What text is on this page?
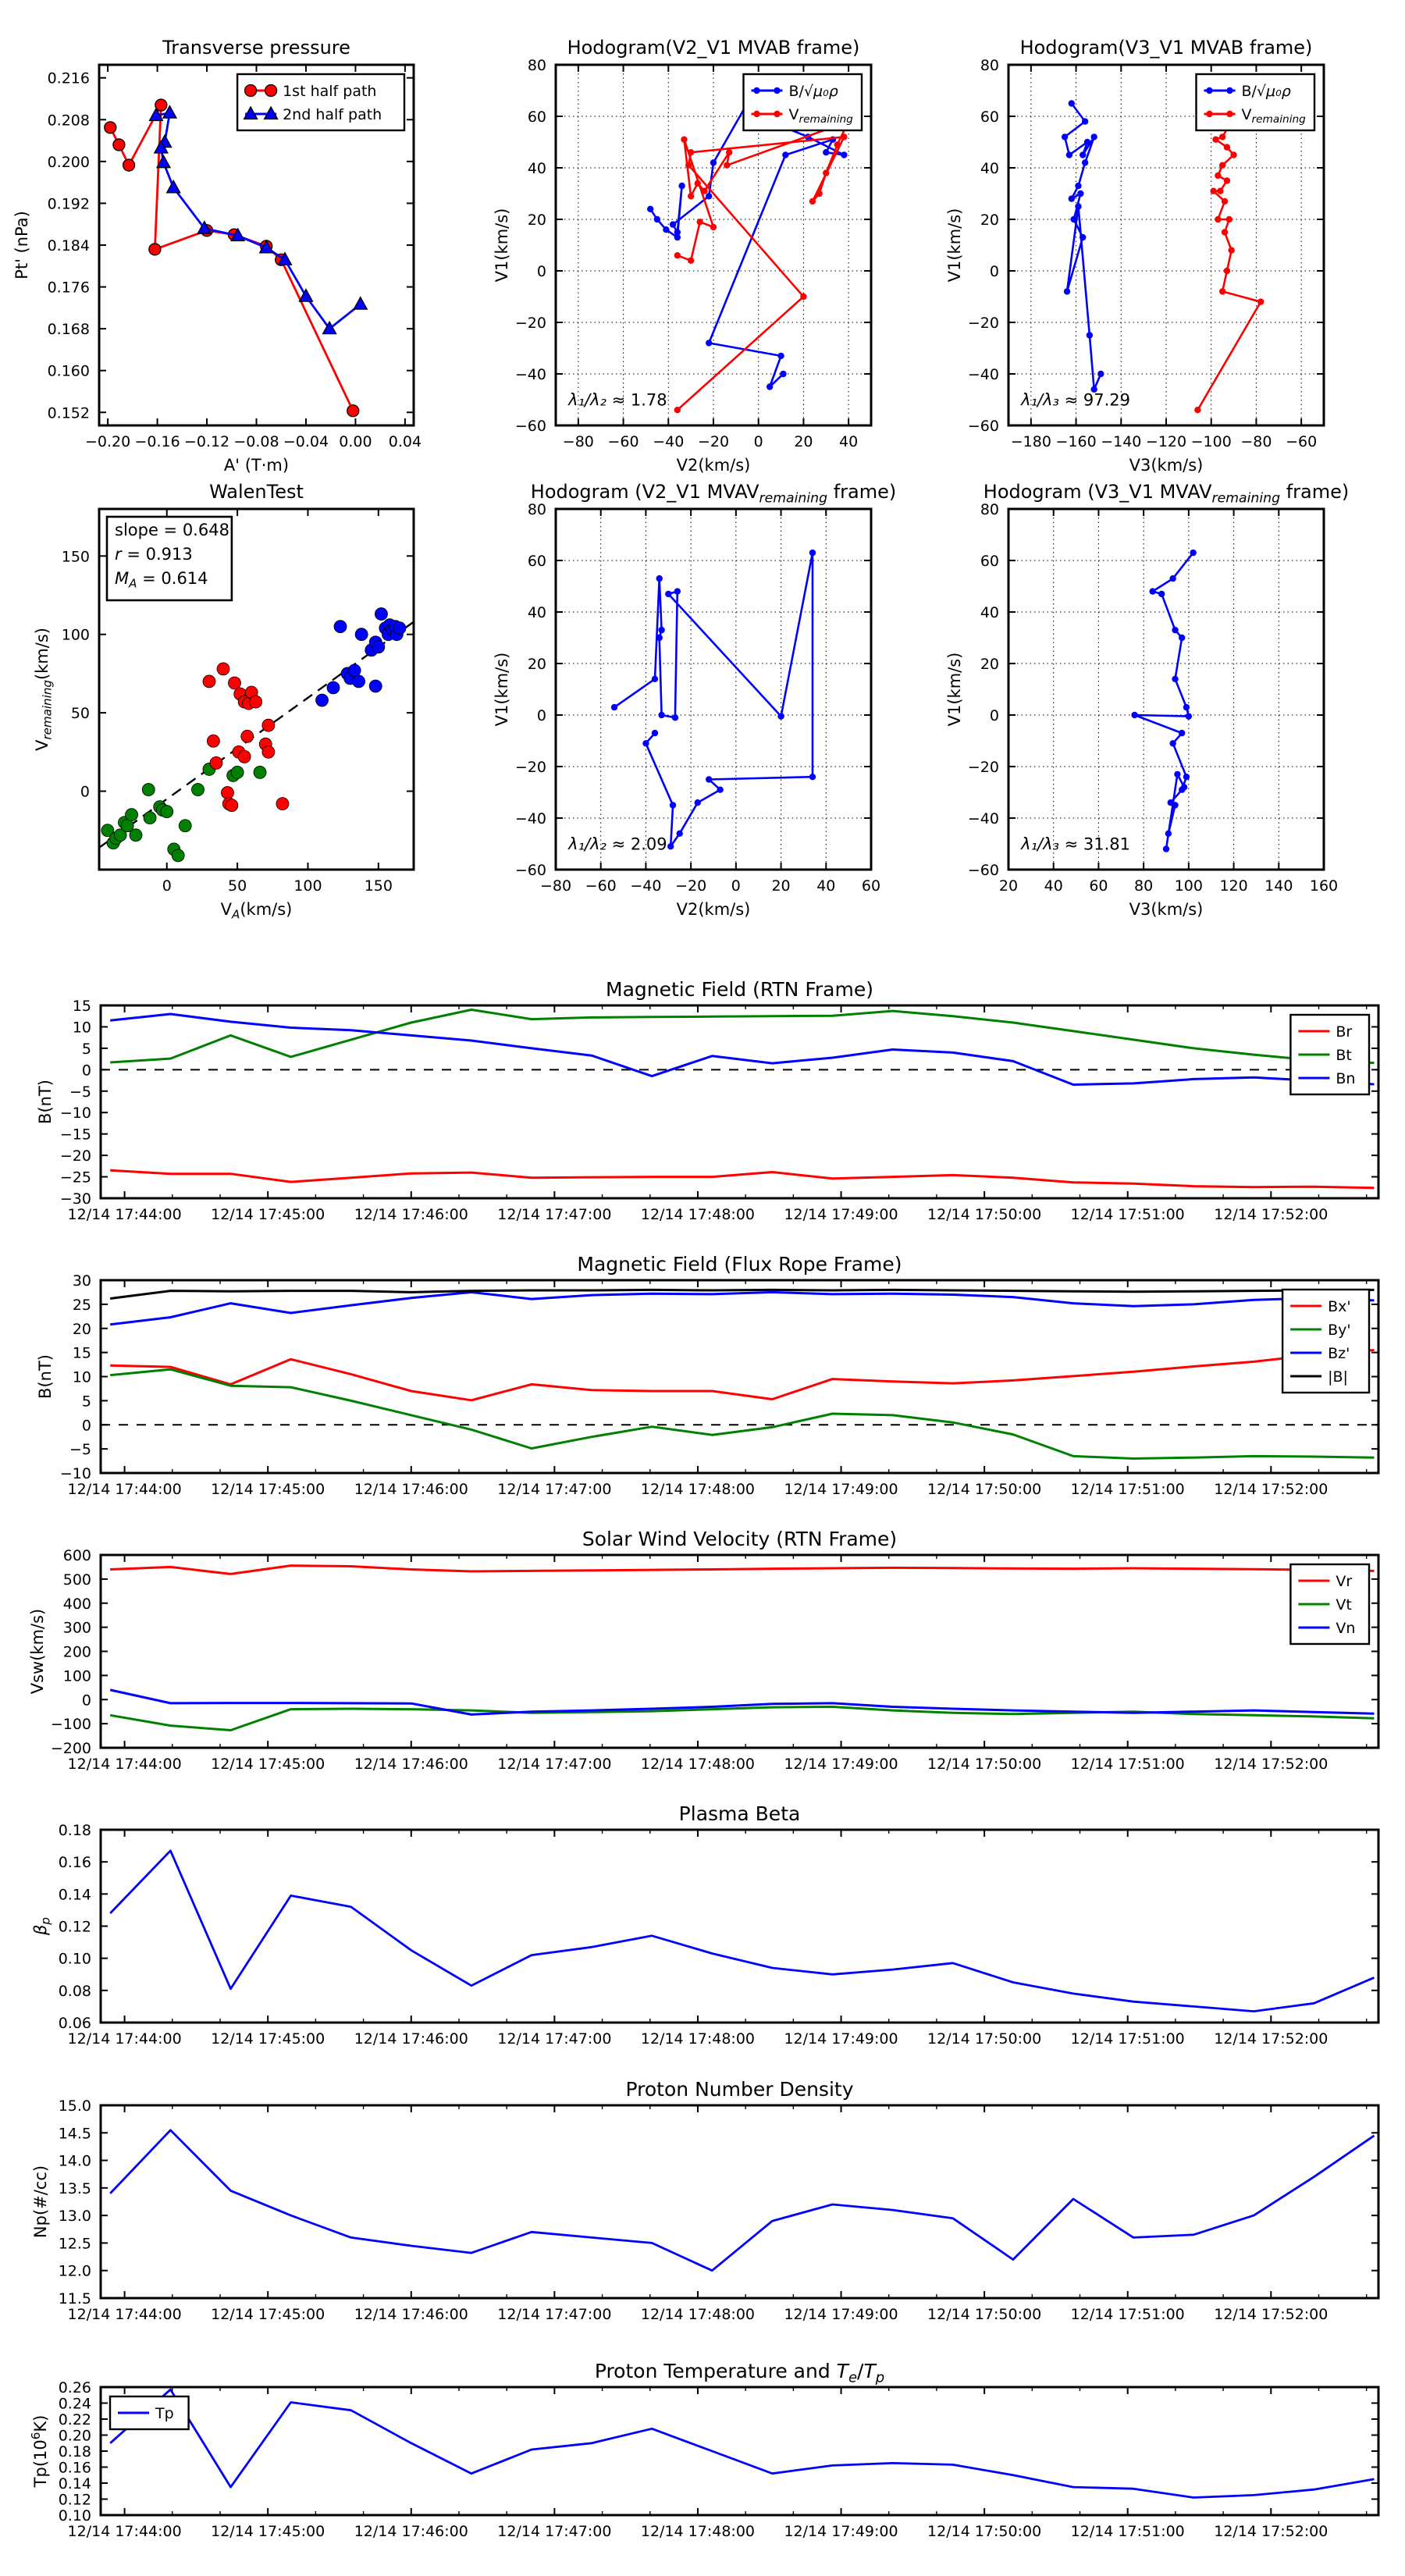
−0.20 −0.16 −0.12 −0.08 −0.04 0.00 0.04
0.152
0.160
0.168
0.176
0.184
0.192
0.200
0.208
0.216
Transverse pressure
A' (T·m)
Pt' (nPa)
1st half path
2nd half path
−80 −60 −40 −20 0 20 40
−60
−40
−20
0
20
40
60
80
Hodogram(V2_V1 MVAB frame)
V2(km/s)
V1(km/s)
B/√μ₀ρ
$V_{remaining}$
λ₁/λ₂ ≈ 1.78
−180 −160 −140 −120 −100 −80 −60
−60
−40
−20
0
20
40
60
80
Hodogram(V3_V1 MVAB frame)
V3(km/s)
V1(km/s)
B/√μ₀ρ
$V_{remaining}$
λ₁/λ₃ ≈ 97.29
0	50	100	150
0
50
100
150
WalenTest
$V_A(km/s)$
$V_{remaining}(km/s)$
slope = 0.648
r = 0.913
$M_A = 0.614$
−80 −60 −40 −20 0 20 40 60
−60
−40
−20
0
20
40
60
80
Hodogram (V2_V1 $MVAV_{remaining}$ frame)
V2(km/s)
V1(km/s)
λ₁/λ₂ ≈ 2.09
20 40 60 80 100 120 140 160
−60
−40
−20
0
20
40
60
80
Hodogram (V3_V1 $MVAV_{remaining}$ frame)
V3(km/s)
V1(km/s)
λ₁/λ₃ ≈ 31.81
12/14 17:44:00 12/14 17:45:00 12/14 17:46:00 12/14 17:47:00 12/14 17:48:00 12/14 17:49:00 12/14 17:50:00 12/14 17:51:00 12/14 17:52:00
−30
−25
−20
−15
−10
−5
0
5
10
15
Magnetic Field (RTN Frame)
B(nT)
Br
Bt
Bn
12/14 17:44:00 12/14 17:45:00 12/14 17:46:00 12/14 17:47:00 12/14 17:48:00 12/14 17:49:00 12/14 17:50:00 12/14 17:51:00 12/14 17:52:00
−10
−5
0
5
10
15
20
25
30
Magnetic Field (Flux Rope Frame)
B(nT)
Bx'
By'
Bz'
|B|
12/14 17:44:00 12/14 17:45:00 12/14 17:46:00 12/14 17:47:00 12/14 17:48:00 12/14 17:49:00 12/14 17:50:00 12/14 17:51:00 12/14 17:52:00
−200
−100
0
100
200
300
400
500
600
Solar Wind Velocity (RTN Frame)
Vsw(km/s)
Vr
Vt
Vn
12/14 17:44:00 12/14 17:45:00 12/14 17:46:00 12/14 17:47:00 12/14 17:48:00 12/14 17:49:00 12/14 17:50:00 12/14 17:51:00 12/14 17:52:00
0.06
0.08
0.10
0.12
0.14
0.16
0.18
Plasma Beta
$\beta_p$
12/14 17:44:00 12/14 17:45:00 12/14 17:46:00 12/14 17:47:00 12/14 17:48:00 12/14 17:49:00 12/14 17:50:00 12/14 17:51:00 12/14 17:52:00
11.5
12.0
12.5
13.0
13.5
14.0
14.5
15.0
Proton Number Density
Np(#/cc)
12/14 17:44:00 12/14 17:45:00 12/14 17:46:00 12/14 17:47:00 12/14 17:48:00 12/14 17:49:00 12/14 17:50:00 12/14 17:51:00 12/14 17:52:00
0.10
0.12
0.14
0.16
0.18
0.20
0.22
0.24
0.26
Proton Temperature and $T_e/T_p$
$Tp(10^6K)$
Tp
